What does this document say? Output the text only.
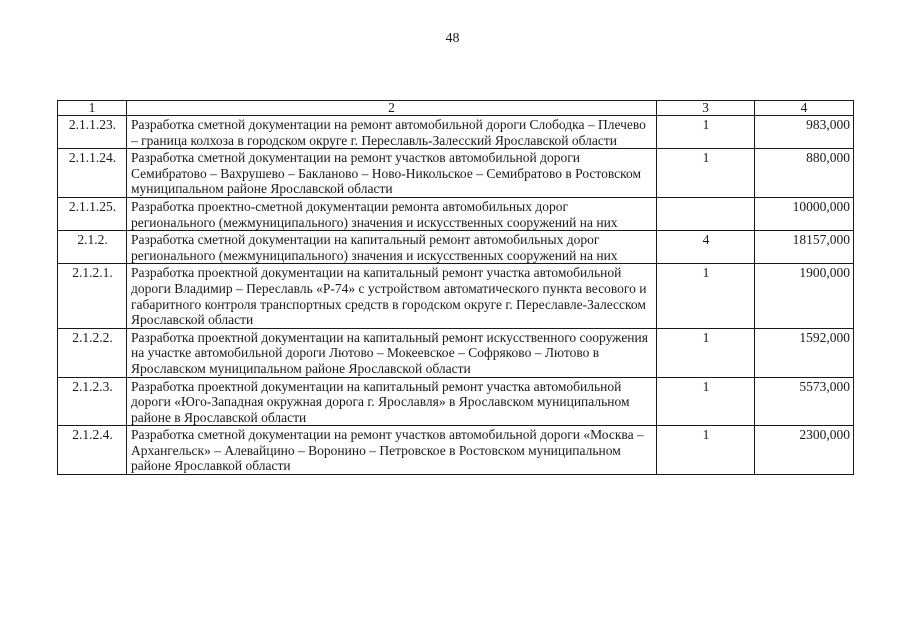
48
1	2	3	4
2.1.1.23.	Разработка сметной документации на ремонт автомобильной дороги Слободка – Плечево – граница колхоза в городском округе г. Переславль-Залесский Ярославской области	1	983,000
2.1.1.24.	Разработка сметной документации на ремонт участков автомобильной дороги Семибратово – Вахрушево – Бакланово – Ново-Никольское – Семибратово в Ростовском муниципальном районе Ярославской области	1	880,000
2.1.1.25.	Разработка проектно-сметной документации ремонта автомобильных дорог регионального (межмуниципального) значения и искусственных сооружений на них		10000,000
2.1.2.	Разработка сметной документации на капитальный ремонт автомобильных дорог регионального (межмуниципального) значения и искусственных сооружений на них	4	18157,000
2.1.2.1.	Разработка проектной документации на капитальный ремонт участка автомобильной дороги Владимир – Переславль «Р-74» с устройством автоматического пункта весового и габаритного контроля транспортных средств в городском округе г. Переславле-Залесском Ярославской области	1	1900,000
2.1.2.2.	Разработка проектной документации на капитальный ремонт искусственного сооружения на участке автомобильной дороги Лютово – Мокеевское – Софряково – Лютово в Ярославском муниципальном районе Ярославской области	1	1592,000
2.1.2.3.	Разработка проектной документации на капитальный ремонт участка автомобильной дороги «Юго-Западная окружная дорога г. Ярославля» в Ярославском муниципальном районе в Ярославской области	1	5573,000
2.1.2.4.	Разработка сметной документации на ремонт участков автомобильной дороги «Москва – Архангельск» – Алевайцино – Воронино – Петровское в Ростовском муниципальном районе Ярославкой области	1	2300,000
